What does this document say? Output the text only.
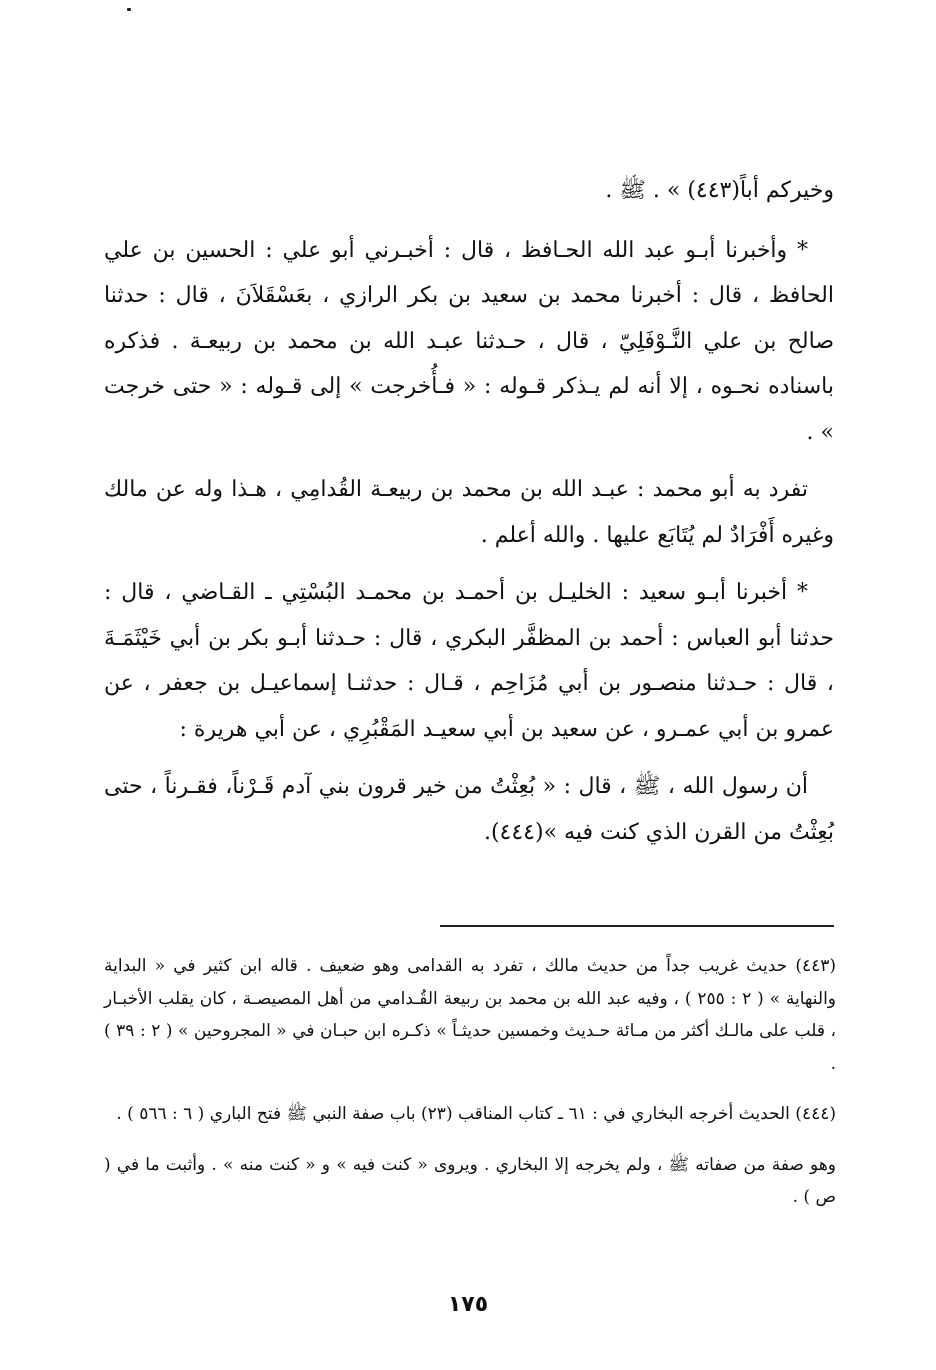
وخيركم أباً(٤٤٣) » . ﷺ .

* وأخبرنا أبـو عبد الله الحـافظ ، قال : أخبـرني أبو علي : الحسين بن علي الحافظ ، قال : أخبرنا محمد بن سعيد بن بكر الرازي ، بعَسْقَلاَنَ ، قال : حدثنا صالح بن علي النَّـوْفَلِيّ ، قال ، حـدثنا عبـد الله بن محمد بن ربيعـة . فذكره باسناده نحـوه ، إلا أنه لم يـذكر قـوله : « فـأُخرجت » إلى قـوله : « حتى خرجت » .

تفرد به أبو محمد : عبـد الله بن محمد بن ربيعـة القُدامِي ، هـذا وله عن مالك وغيره أَفْرَادٌ لم يُتَابَع عليها . والله أعلم .

* أخبرنا أبـو سعيد : الخليـل بن أحمـد بن محمـد البُسْتِي ـ القـاضي ، قال : حدثنا أبو العباس : أحمد بن المظفَّر البكري ، قال : حـدثنا أبـو بكر بن أبي خَيْثَمَـةَ ، قال : حـدثنا منصـور بن أبي مُزَاحِم ، قـال : حدثنـا إسماعيـل بن جعفر ، عن عمرو بن أبي عمـرو ، عن سعيد بن أبي سعيـد المَقْبُرِي ، عن أبي هريرة :

أن رسول الله ، ﷺ ، قال : « بُعِثْتُ من خير قرون بني آدم قَـرْناً، فقـرناً ، حتى بُعِثْتُ من القرن الذي كنت فيه »(٤٤٤).

(٤٤٣) حديث غريب جداً من حديث مالك ، تفرد به القدامى وهو ضعيف . قاله ابن كثير في « البداية والنهاية » ( ٢ : ٢٥٥ ) ، وفيه عبد الله بن محمد بن ربيعة القُـدامي من أهل المصيصـة ، كان يقلب الأخبـار ، قلب على مالـك أكثر من مـائة حـديث وخمسين حديثـاً » ذكـره ابن حبـان في « المجروحين » ( ٢ : ٣٩ ) .

(٤٤٤) الحديث أخرجه البخاري في : ٦١ ـ كتاب المناقب (٢٣) باب صفة النبي ﷺ فتح الباري ( ٦ : ٥٦٦ ) .

وهو صفة من صفاته ﷺ ، ولم يخرجه إلا البخاري . ويروى « كنت فيه » و « كنت منه » . وأثبت ما في ( ص ) .

١٧٥
